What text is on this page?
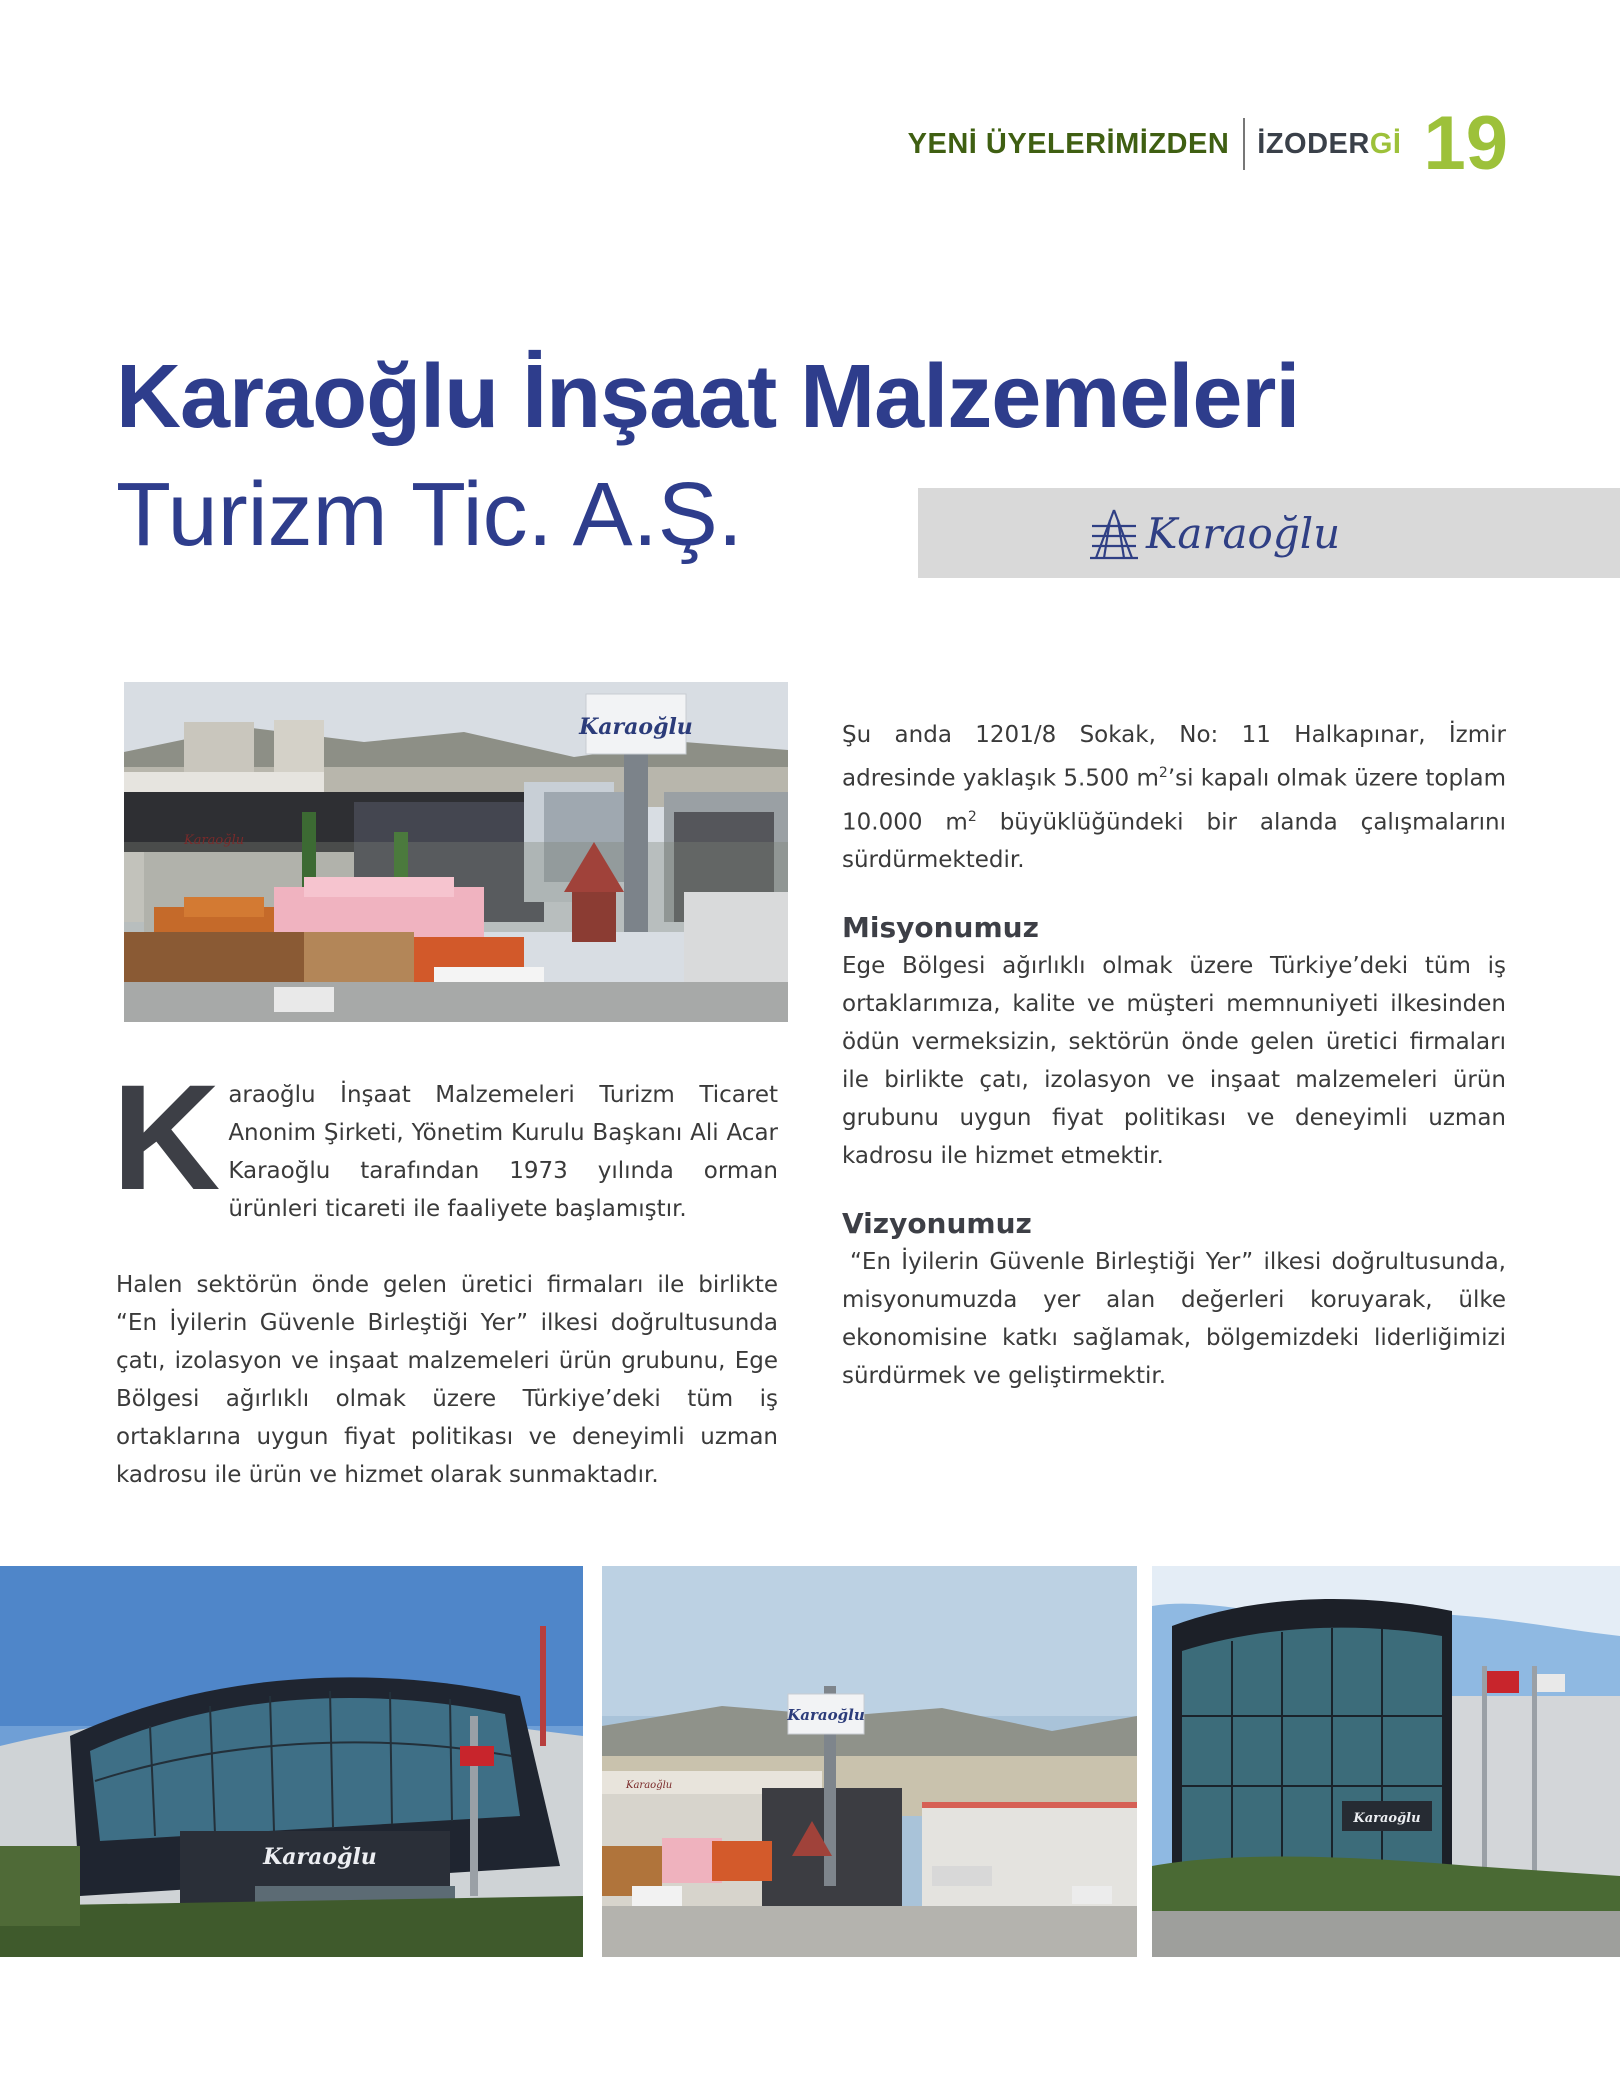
YENİ ÜYELERİMİZDEN İZODERGİ 19
Karaoğlu İnşaat Malzemeleri
Turizm Tic. A.Ş.	Karaoğlu
Karaoğlu
Karaoğlu

Karaoğlu İnşaat Malzemeleri Turizm Ticaret Anonim Şirketi, Yönetim Kurulu Başkanı Ali Acar Karaoğlu tarafından 1973 yılında orman ürünleri ticareti ile faaliyete başlamıştır.

Halen sektörün önde gelen üretici firmaları ile birlikte “En İyilerin Güvenle Birleştiği Yer” ilkesi doğrultusunda çatı, izolasyon ve inşaat malzemeleri ürün grubunu, Ege Bölgesi ağırlıklı olmak üzere Türkiye’deki tüm iş ortaklarına uygun fiyat politikası ve deneyimli uzman kadrosu ile ürün ve hizmet olarak sunmaktadır.

Şu anda 1201/8 Sokak, No: 11 Halkapınar, İzmir adresinde yaklaşık 5.500 $m^2’si$ kapalı olmak üzere toplam 10.000 $m^2$ büyüklüğündeki bir alanda çalışmalarını sürdürmektedir.

Misyonumuz

Ege Bölgesi ağırlıklı olmak üzere Türkiye’deki tüm iş ortaklarımıza, kalite ve müşteri memnuniyeti ilkesinden ödün vermeksizin, sektörün önde gelen üretici firmaları ile birlikte çatı, izolasyon ve inşaat malzemeleri ürün grubunu uygun fiyat politikası ve deneyimli uzman kadrosu ile hizmet etmektir.

Vizyonumuz

“En İyilerin Güvenle Birleştiği Yer” ilkesi doğrultusunda, misyonumuzda yer alan değerleri koruyarak, ülke ekonomisine katkı sağlamak, bölgemizdeki liderliğimizi sürdürmek ve geliştirmektir.

Karaoğlu
Karaoğlu
Karaoğlu
Karaoğlu
